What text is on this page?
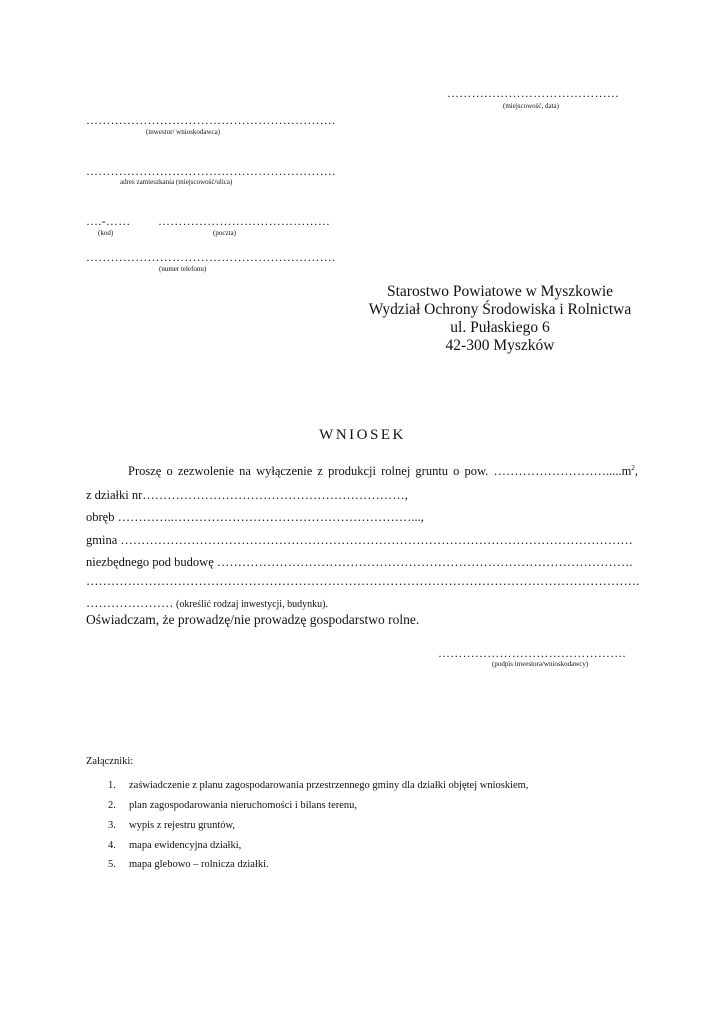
……………………………………
(miejscowość, data)
…………………………………………………….
(inwestor/ wnioskodawca)
…………………………………………………….
adres zamieszkania (miejscowość/ulica)
….-…… ……………………………………
(kod)	(poczta)
…………………………………………………….
(numer telefonu)
Starostwo Powiatowe w Myszkowie
Wydział Ochrony Środowiska i Rolnictwa
ul. Pułaskiego 6
42-300 Myszków
WNIOSEK
Proszę o zezwolenie na wyłączenie z produkcji rolnej gruntu o pow. $\dots\dots\dots\dots\dots\dots\dots\dots\dots.....m^2$,
z działki nr………………………………………………………,
obręb …………..…………………………………………………...,
gmina ……………………………………………………………………………………………………………
niezbędnego pod budowę ……………………………………………………………………………………….
…………………………………………………………………………………………………………………….
………………… (określić rodzaj inwestycji, budynku).
Oświadczam, że prowadzę/nie prowadzę gospodarstwo rolne.
……………………………………….
(podpis inwestora/wnioskodawcy)
Załączniki:
1. zaświadczenie z planu zagospodarowania przestrzennego gminy dla działki objętej wnioskiem,
2. plan zagospodarowania nieruchomości i bilans terenu,
3. wypis z rejestru gruntów,
4. mapa ewidencyjna działki,
5. mapa glebowo – rolnicza działki.
